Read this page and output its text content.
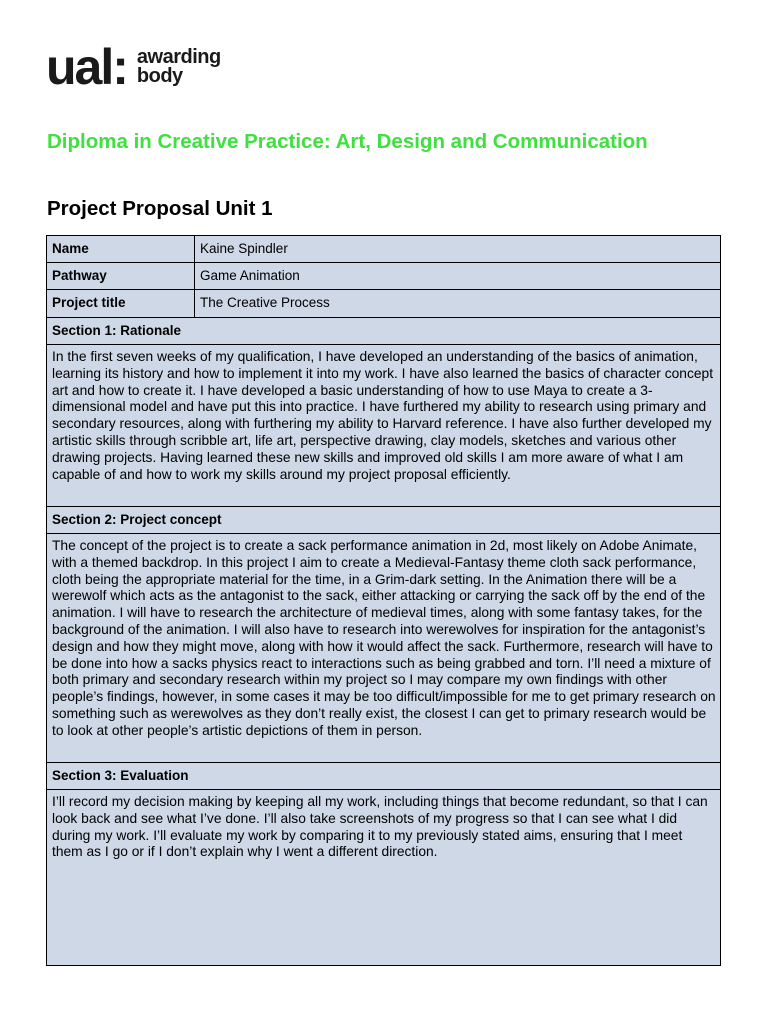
ual: awarding
body
Diploma in Creative Practice: Art, Design and Communication
Project Proposal Unit 1
Name	Kaine Spindler
Pathway	Game Animation
Project title	The Creative Process
Section 1: Rationale
In the first seven weeks of my qualification, I have developed an understanding of the basics of animation, learning its history and how to implement it into my work. I have also learned the basics of character concept art and how to create it. I have developed a basic understanding of how to use Maya to create a 3-dimensional model and have put this into practice. I have furthered my ability to research using primary and secondary resources, along with furthering my ability to Harvard reference. I have also further developed my artistic skills through scribble art, life art, perspective drawing, clay models, sketches and various other drawing projects. Having learned these new skills and improved old skills I am more aware of what I am capable of and how to work my skills around my project proposal efficiently.
Section 2: Project concept
The concept of the project is to create a sack performance animation in 2d, most likely on Adobe Animate, with a themed backdrop. In this project I aim to create a Medieval-Fantasy theme cloth sack performance, cloth being the appropriate material for the time, in a Grim-dark setting. In the Animation there will be a werewolf which acts as the antagonist to the sack, either attacking or carrying the sack off by the end of the animation. I will have to research the architecture of medieval times, along with some fantasy takes, for the background of the animation. I will also have to research into werewolves for inspiration for the antagonist’s design and how they might move, along with how it would affect the sack. Furthermore, research will have to be done into how a sacks physics react to interactions such as being grabbed and torn. I’ll need a mixture of both primary and secondary research within my project so I may compare my own findings with other people’s findings, however, in some cases it may be too difficult/impossible for me to get primary research on something such as werewolves as they don’t really exist, the closest I can get to primary research would be to look at other people’s artistic depictions of them in person.
Section 3: Evaluation
I’ll record my decision making by keeping all my work, including things that become redundant, so that I can look back and see what I’ve done. I’ll also take screenshots of my progress so that I can see what I did during my work. I’ll evaluate my work by comparing it to my previously stated aims, ensuring that I meet them as I go or if I don’t explain why I went a different direction.
